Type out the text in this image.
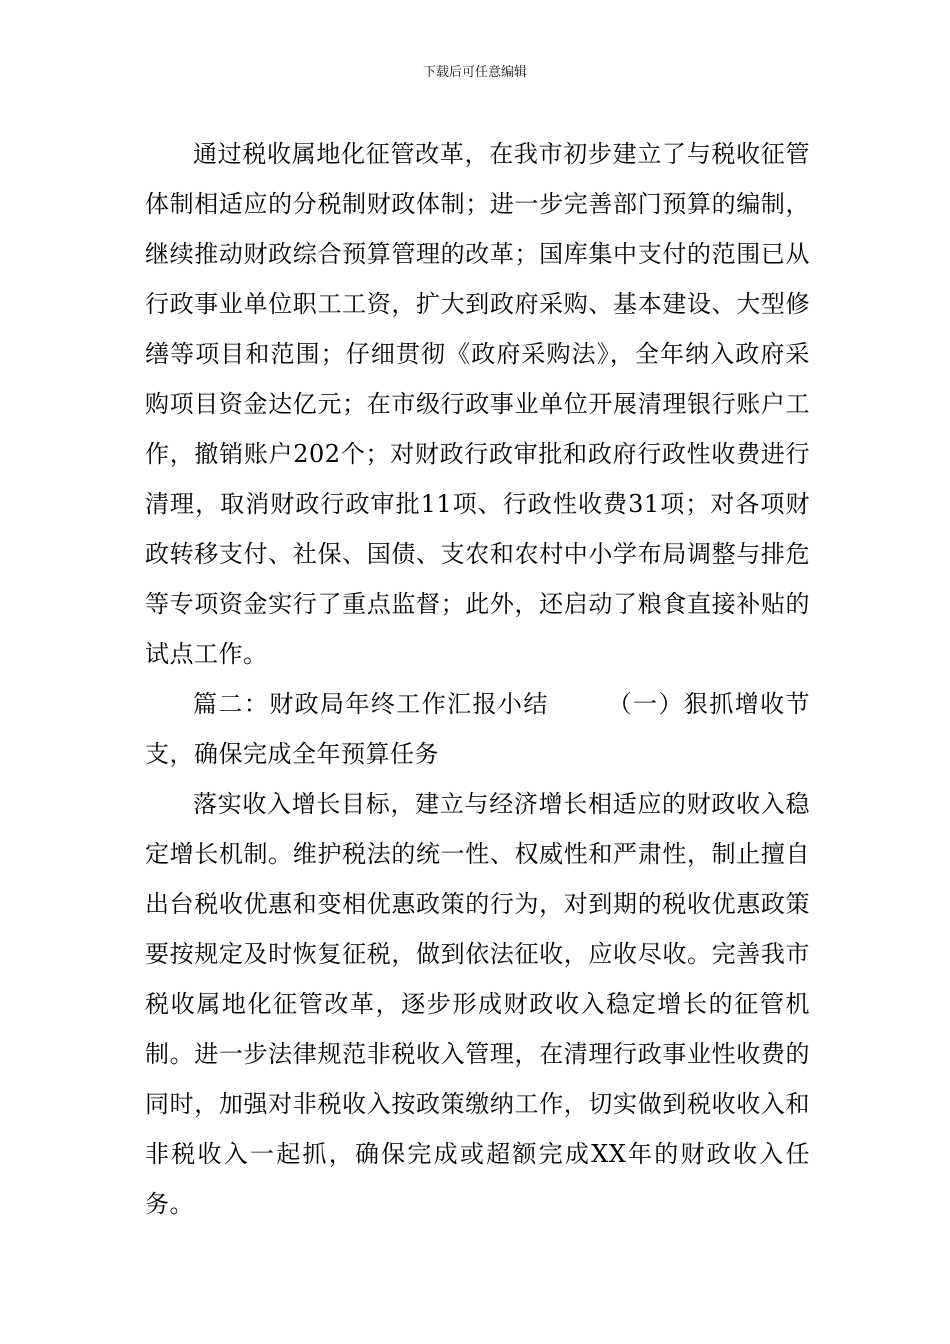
下载后可任意编辑

通过税收属地化征管改革，在我市初步建立了与税收征管体制相适应的分税制财政体制；进一步完善部门预算的编制，继续推动财政综合预算管理的改革；国库集中支付的范围已从行政事业单位职工工资，扩大到政府采购、基本建设、大型修缮等项目和范围；仔细贯彻《政府采购法》，全年纳入政府采购项目资金达亿元；在市级行政事业单位开展清理银行账户工作，撤销账户202个；对财政行政审批和政府行政性收费进行清理，取消财政行政审批11项、行政性收费31项；对各项财政转移支付、社保、国债、支农和农村中小学布局调整与排危等专项资金实行了重点监督；此外，还启动了粮食直接补贴的试点工作。

篇二：财政局年终工作汇报小结 （一）狠抓增收节支，确保完成全年预算任务

落实收入增长目标，建立与经济增长相适应的财政收入稳定增长机制。维护税法的统一性、权威性和严肃性，制止擅自出台税收优惠和变相优惠政策的行为，对到期的税收优惠政策要按规定及时恢复征税，做到依法征收，应收尽收。完善我市税收属地化征管改革，逐步形成财政收入稳定增长的征管机制。进一步法律规范非税收入管理，在清理行政事业性收费的同时，加强对非税收入按政策缴纳工作，切实做到税收收入和非税收入一起抓，确保完成或超额完成XX年的财政收入任务。
